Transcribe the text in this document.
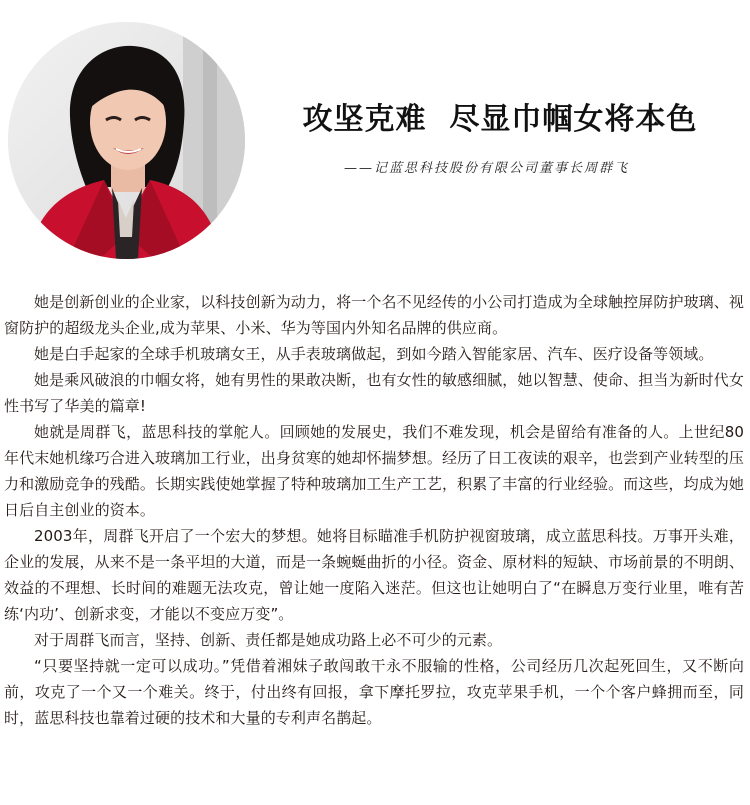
攻坚克难  尽显巾帼女将本色
——记蓝思科技股份有限公司董事长周群飞

她是创新创业的企业家，以科技创新为动力，将一个名不见经传的小公司打造成为全球触控屏防护玻璃、视窗防护的超级龙头企业,成为苹果、小米、华为等国内外知名品牌的供应商。

她是白手起家的全球手机玻璃女王，从手表玻璃做起，到如今踏入智能家居、汽车、医疗设备等领域。

她是乘风破浪的巾帼女将，她有男性的果敢决断，也有女性的敏感细腻，她以智慧、使命、担当为新时代女性书写了华美的篇章!

她就是周群飞，蓝思科技的掌舵人。回顾她的发展史，我们不难发现，机会是留给有准备的人。上世纪80年代末她机缘巧合进入玻璃加工行业，出身贫寒的她却怀揣梦想。经历了日工夜读的艰辛，也尝到产业转型的压力和激励竞争的残酷。长期实践使她掌握了特种玻璃加工生产工艺，积累了丰富的行业经验。而这些，均成为她日后自主创业的资本。

2003年，周群飞开启了一个宏大的梦想。她将目标瞄准手机防护视窗玻璃，成立蓝思科技。万事开头难，企业的发展，从来不是一条平坦的大道，而是一条蜿蜒曲折的小径。资金、原材料的短缺、市场前景的不明朗、效益的不理想、长时间的难题无法攻克，曾让她一度陷入迷茫。但这也让她明白了“在瞬息万变行业里，唯有苦练‘内功’、创新求变，才能以不变应万变”。

对于周群飞而言，坚持、创新、责任都是她成功路上必不可少的元素。

“只要坚持就一定可以成功。”凭借着湘妹子敢闯敢干永不服输的性格，公司经历几次起死回生，又不断向前，攻克了一个又一个难关。终于，付出终有回报，拿下摩托罗拉，攻克苹果手机，一个个客户蜂拥而至，同时，蓝思科技也靠着过硬的技术和大量的专利声名鹊起。
